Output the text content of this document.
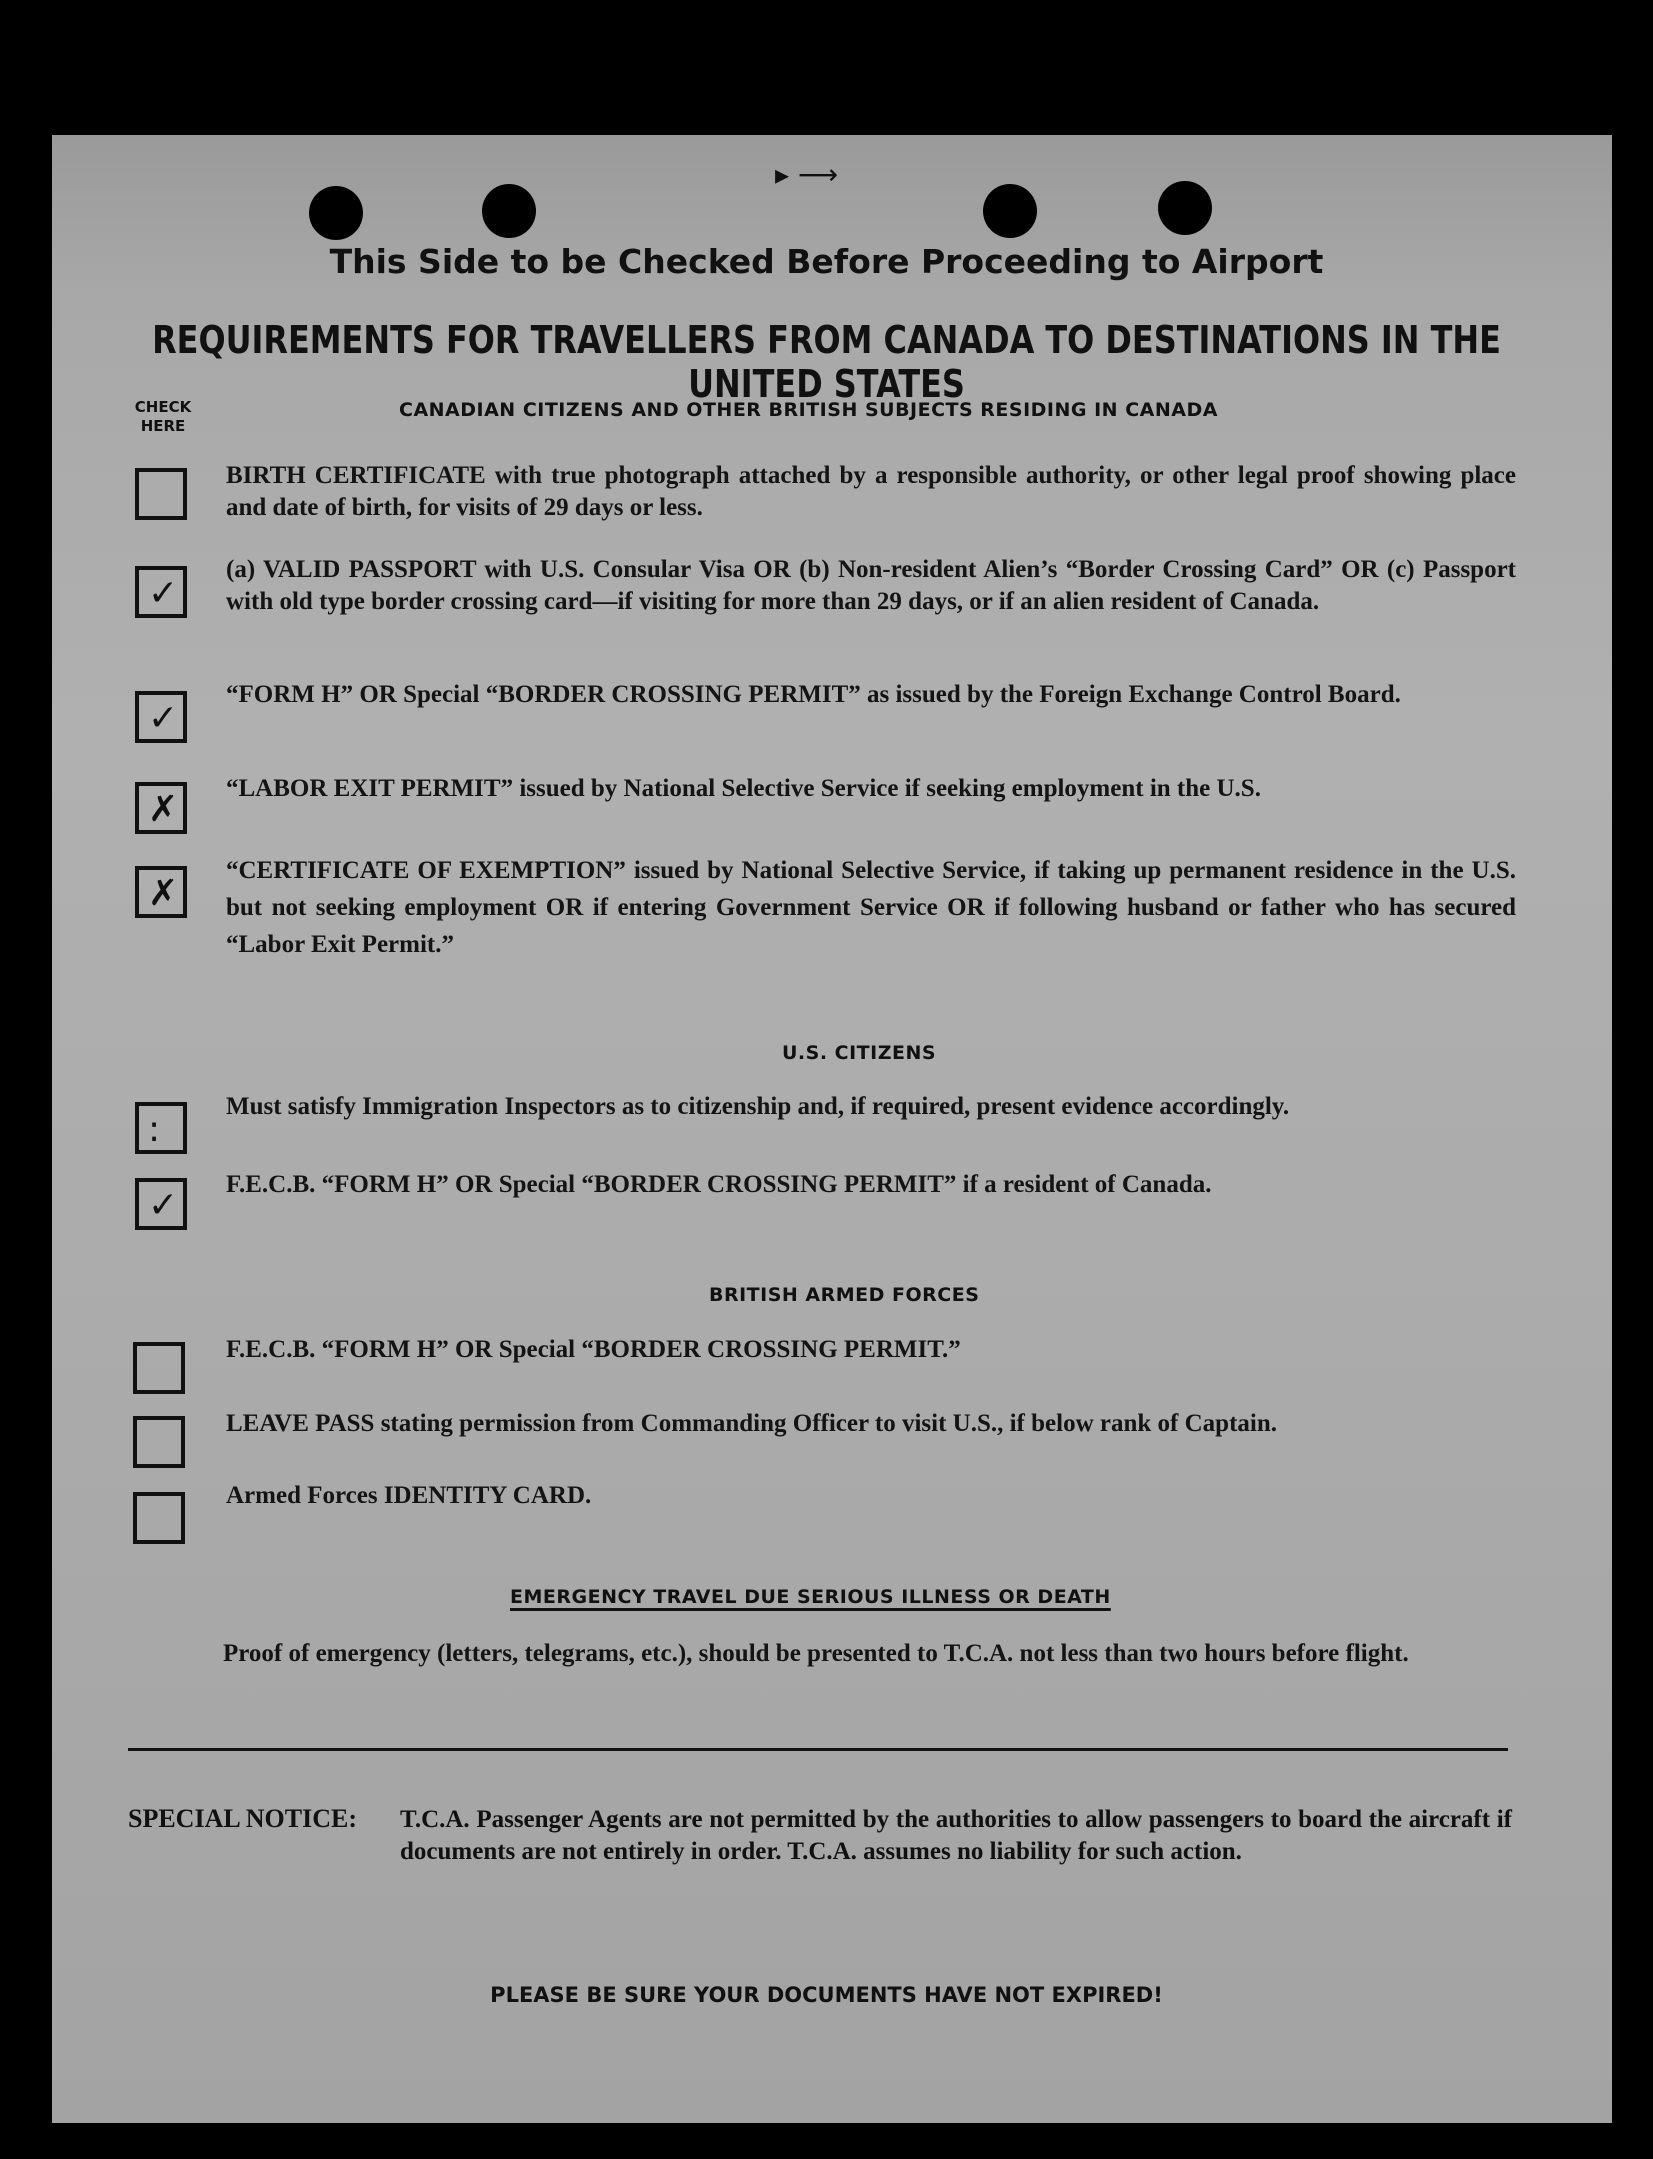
▸ ⟶
This Side to be Checked Before Proceeding to Airport
REQUIREMENTS FOR TRAVELLERS FROM CANADA TO DESTINATIONS IN THE UNITED STATES
CHECK HERE
CANADIAN CITIZENS AND OTHER BRITISH SUBJECTS RESIDING IN CANADA
BIRTH CERTIFICATE with true photograph attached by a responsible authority, or other legal proof showing place and date of birth, for visits of 29 days or less.
✓
(a) VALID PASSPORT with U.S. Consular Visa OR (b) Non-resident Alien’s “Border Crossing Card” OR (c) Passport with old type border crossing card—if visiting for more than 29 days, or if an alien resident of Canada.
✓
“FORM H” OR Special “BORDER CROSSING PERMIT” as issued by the Foreign Exchange Control Board.
✗
“LABOR EXIT PERMIT” issued by National Selective Service if seeking employment in the U.S.
✗
“CERTIFICATE OF EXEMPTION” issued by National Selective Service, if taking up permanent residence in the U.S. but not seeking employment OR if entering Government Service OR if following husband or father who has secured “Labor Exit Permit.”
U.S. CITIZENS
:
Must satisfy Immigration Inspectors as to citizenship and, if required, present evidence accordingly.
✓
F.E.C.B. “FORM H” OR Special “BORDER CROSSING PERMIT” if a resident of Canada.
BRITISH ARMED FORCES
F.E.C.B. “FORM H” OR Special “BORDER CROSSING PERMIT.”
LEAVE PASS stating permission from Commanding Officer to visit U.S., if below rank of Captain.
Armed Forces IDENTITY CARD.
EMERGENCY TRAVEL DUE SERIOUS ILLNESS OR DEATH
Proof of emergency (letters, telegrams, etc.), should be presented to T.C.A. not less than two hours before flight.
SPECIAL NOTICE: T.C.A. Passenger Agents are not permitted by the authorities to allow passengers to board the aircraft if documents are not entirely in order. T.C.A. assumes no liability for such action.
PLEASE BE SURE YOUR DOCUMENTS HAVE NOT EXPIRED!
